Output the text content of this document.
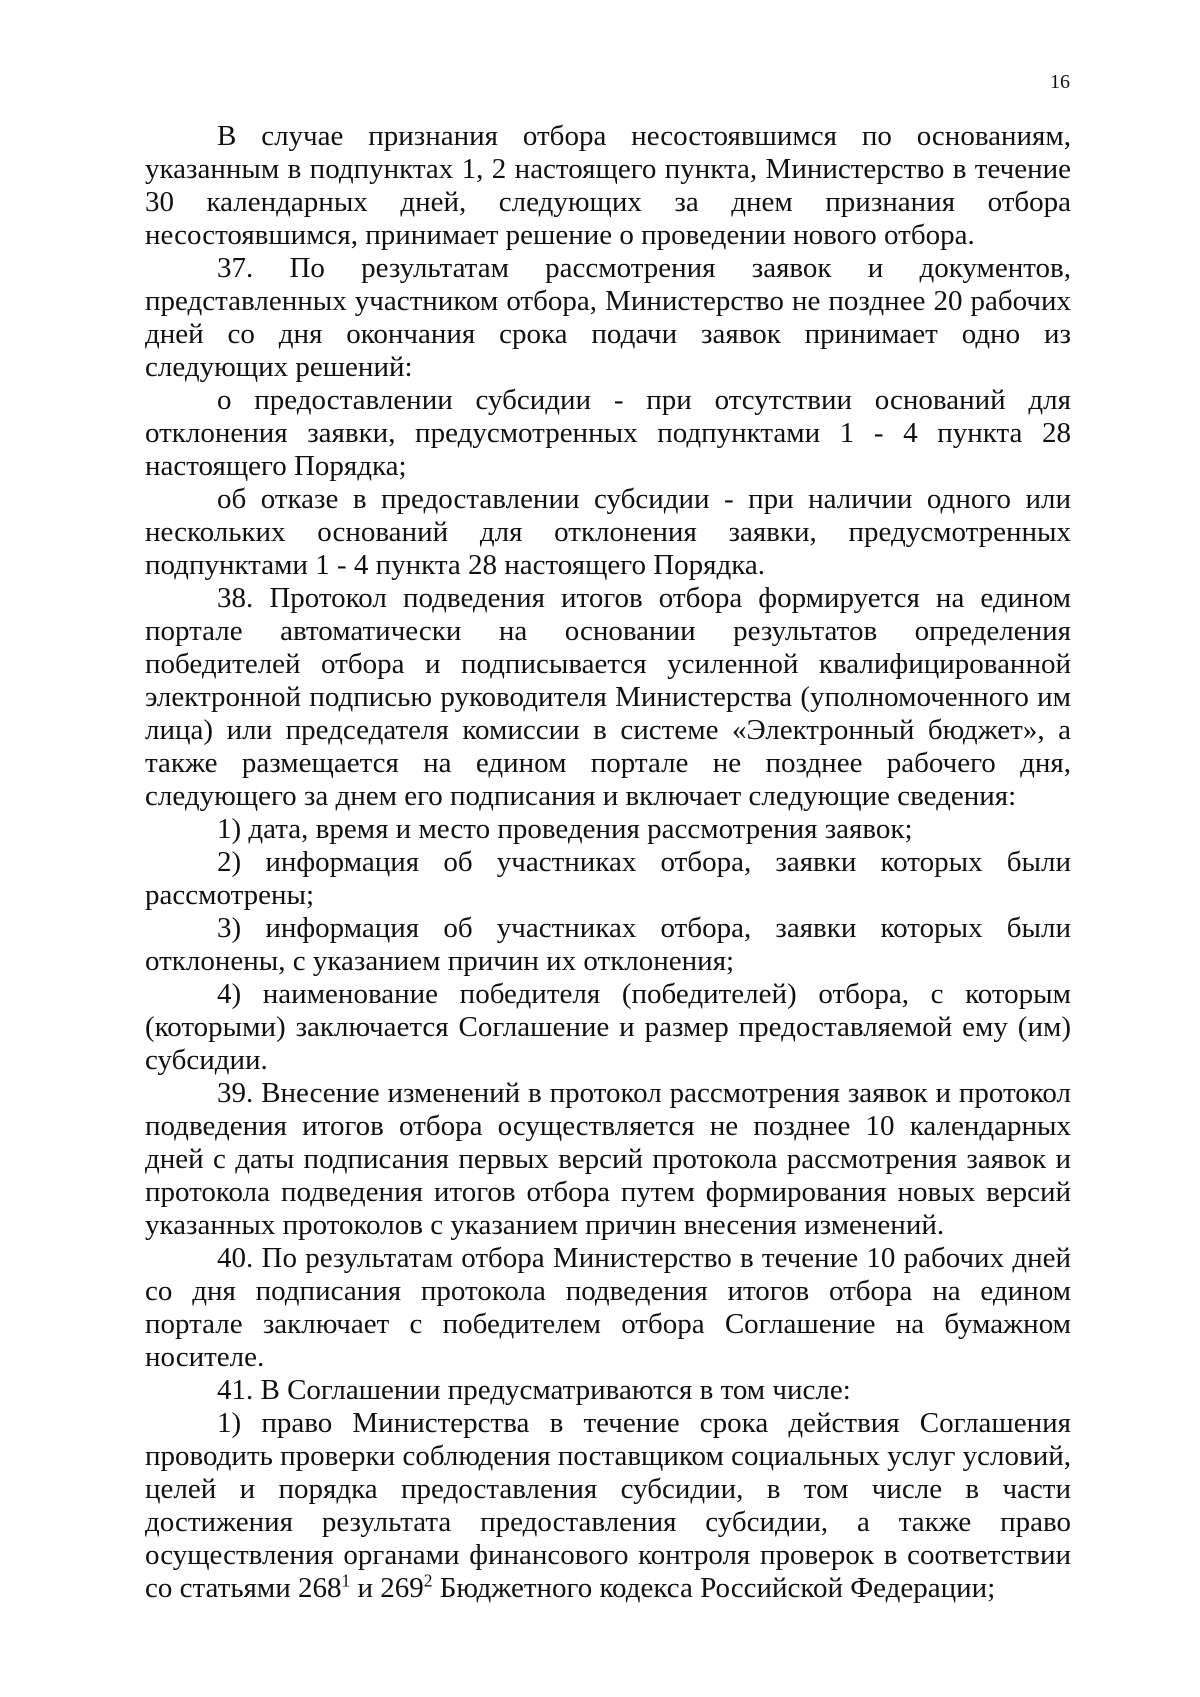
16

В случае признания отбора несостоявшимся по основаниям, указанным в подпунктах 1, 2 настоящего пункта, Министерство в течение 30 календарных дней, следующих за днем признания отбора несостоявшимся, принимает решение о проведении нового отбора.

37. По результатам рассмотрения заявок и документов, представленных участником отбора, Министерство не позднее 20 рабочих дней со дня окончания срока подачи заявок принимает одно из следующих решений:

о предоставлении субсидии - при отсутствии оснований для отклонения заявки, предусмотренных подпунктами 1 - 4 пункта 28 настоящего Порядка;

об отказе в предоставлении субсидии - при наличии одного или нескольких оснований для отклонения заявки, предусмотренных подпунктами 1 - 4 пункта 28 настоящего Порядка.

38. Протокол подведения итогов отбора формируется на едином портале автоматически на основании результатов определения победителей отбора и подписывается усиленной квалифицированной электронной подписью руководителя Министерства (уполномоченного им лица) или председателя комиссии в системе «Электронный бюджет», а также размещается на едином портале не позднее рабочего дня, следующего за днем его подписания и включает следующие сведения:

1) дата, время и место проведения рассмотрения заявок;

2) информация об участниках отбора, заявки которых были рассмотрены;

3) информация об участниках отбора, заявки которых были отклонены, с указанием причин их отклонения;

4) наименование победителя (победителей) отбора, с которым (которыми) заключается Соглашение и размер предоставляемой ему (им) субсидии.

39. Внесение изменений в протокол рассмотрения заявок и протокол подведения итогов отбора осуществляется не позднее 10 календарных дней с даты подписания первых версий протокола рассмотрения заявок и протокола подведения итогов отбора путем формирования новых версий указанных протоколов с указанием причин внесения изменений.

40. По результатам отбора Министерство в течение 10 рабочих дней со дня подписания протокола подведения итогов отбора на едином портале заключает с победителем отбора Соглашение на бумажном носителе.

41. В Соглашении предусматриваются в том числе:

1) право Министерства в течение срока действия Соглашения проводить проверки соблюдения поставщиком социальных услуг условий, целей и порядка предоставления субсидии, в том числе в части достижения результата предоставления субсидии, а также право осуществления органами финансового контроля проверок в соответствии со статьями $268^1$ и $269^2$ Бюджетного кодекса Российской Федерации;
